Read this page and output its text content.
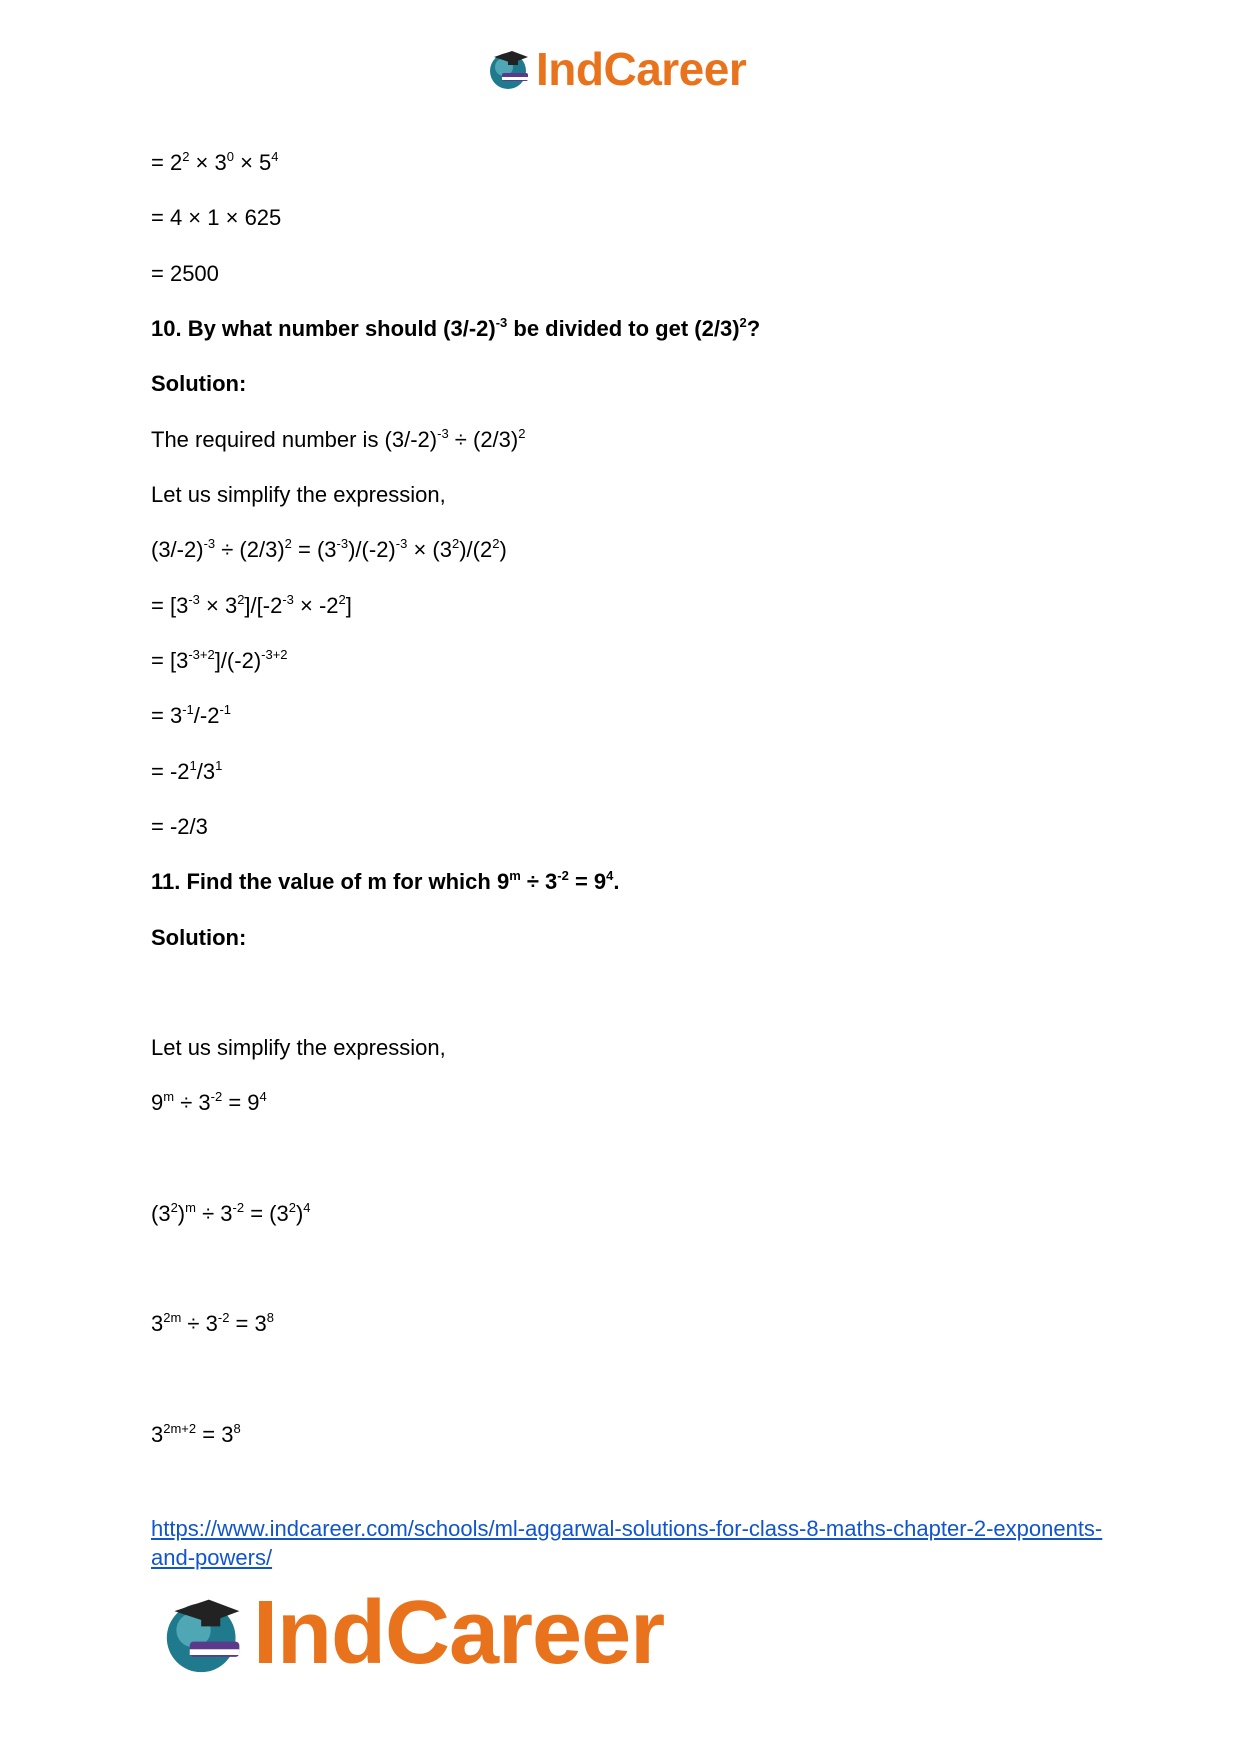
IndCareer
= $2^2 \times 3^0 \times 5^4$
= 4 × 1 × 625
= 2500
10. By what number should $(3/-2)^{-3}$ be divided to get $(2/3)^2$?
Solution:
The required number is $(3/-2)^{-3} \div (2/3)^2$
Let us simplify the expression,
$(3/-2)^{-3} \div (2/3)^2 = (3^{-3})/(-2)^{-3} \times (3^2)/(2^2)$
= $[3^{-3} \times 3^2]/[-2^{-3} \times -2^2]$
= $[3^{-3+2}]/(-2)^{-3+2}$
= $3^{-1}/-2^{-1}$
= $-2^1/3^1$
= -2/3
11. Find the value of m for which $9^m \div 3^{-2} = 9^4$.
Solution:
Let us simplify the expression,
$9^m \div 3^{-2} = 9^4$
$(3^2)^m \div 3^{-2} = (3^2)^4$
$3^{2m} \div 3^{-2} = 3^8$
$3^{2m+2} = 3^8$
https://www.indcareer.com/schools/ml-aggarwal-solutions-for-class-8-maths-chapter-2-exponents-and-powers/
IndCareer
